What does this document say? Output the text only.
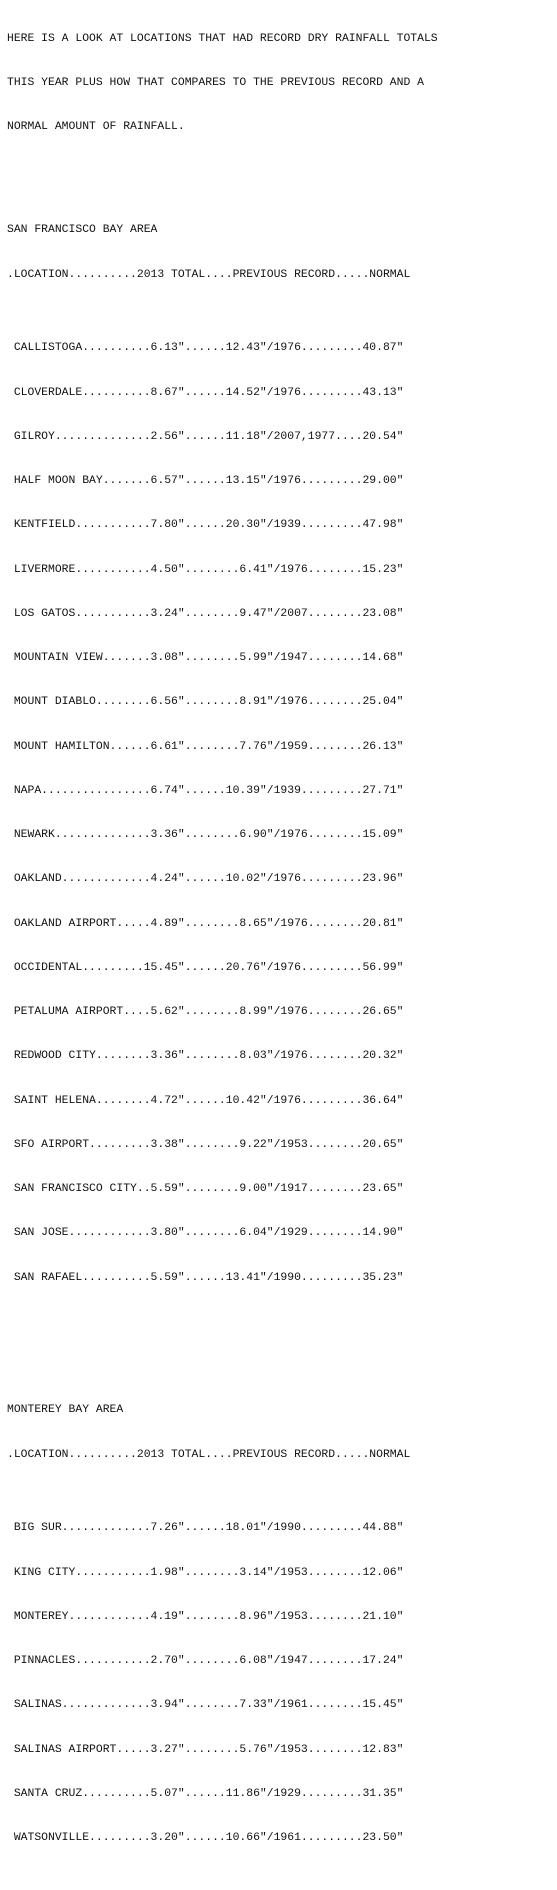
HERE IS A LOOK AT LOCATIONS THAT HAD RECORD DRY RAINFALL TOTALS

THIS YEAR PLUS HOW THAT COMPARES TO THE PREVIOUS RECORD AND A

NORMAL AMOUNT OF RAINFALL.

SAN FRANCISCO BAY AREA

.LOCATION..........2013 TOTAL....PREVIOUS RECORD.....NORMAL

CALLISTOGA..........6.13"......12.43"/1976.........40.87"

CLOVERDALE..........8.67"......14.52"/1976.........43.13"

GILROY..............2.56"......11.18"/2007,1977....20.54"

HALF MOON BAY.......6.57"......13.15"/1976.........29.00"

KENTFIELD...........7.80"......20.30"/1939.........47.98"

LIVERMORE...........4.50"........6.41"/1976........15.23"

LOS GATOS...........3.24"........9.47"/2007........23.08"

MOUNTAIN VIEW.......3.08"........5.99"/1947........14.68"

MOUNT DIABLO........6.56"........8.91"/1976........25.04"

MOUNT HAMILTON......6.61"........7.76"/1959........26.13"

NAPA................6.74"......10.39"/1939.........27.71"

NEWARK..............3.36"........6.90"/1976........15.09"

OAKLAND.............4.24"......10.02"/1976.........23.96"

OAKLAND AIRPORT.....4.89"........8.65"/1976........20.81"

OCCIDENTAL.........15.45"......20.76"/1976.........56.99"

PETALUMA AIRPORT....5.62"........8.99"/1976........26.65"

REDWOOD CITY........3.36"........8.03"/1976........20.32"

SAINT HELENA........4.72"......10.42"/1976.........36.64"

SFO AIRPORT.........3.38"........9.22"/1953........20.65"

SAN FRANCISCO CITY..5.59"........9.00"/1917........23.65"

SAN JOSE............3.80"........6.04"/1929........14.90"

SAN RAFAEL..........5.59"......13.41"/1990.........35.23"

MONTEREY BAY AREA

.LOCATION..........2013 TOTAL....PREVIOUS RECORD.....NORMAL

BIG SUR.............7.26"......18.01"/1990.........44.88"

KING CITY...........1.98"........3.14"/1953........12.06"

MONTEREY............4.19"........8.96"/1953........21.10"

PINNACLES...........2.70"........6.08"/1947........17.24"

SALINAS.............3.94"........7.33"/1961........15.45"

SALINAS AIRPORT.....3.27"........5.76"/1953........12.83"

SANTA CRUZ..........5.07"......11.86"/1929.........31.35"

WATSONVILLE.........3.20"......10.66"/1961.........23.50"
